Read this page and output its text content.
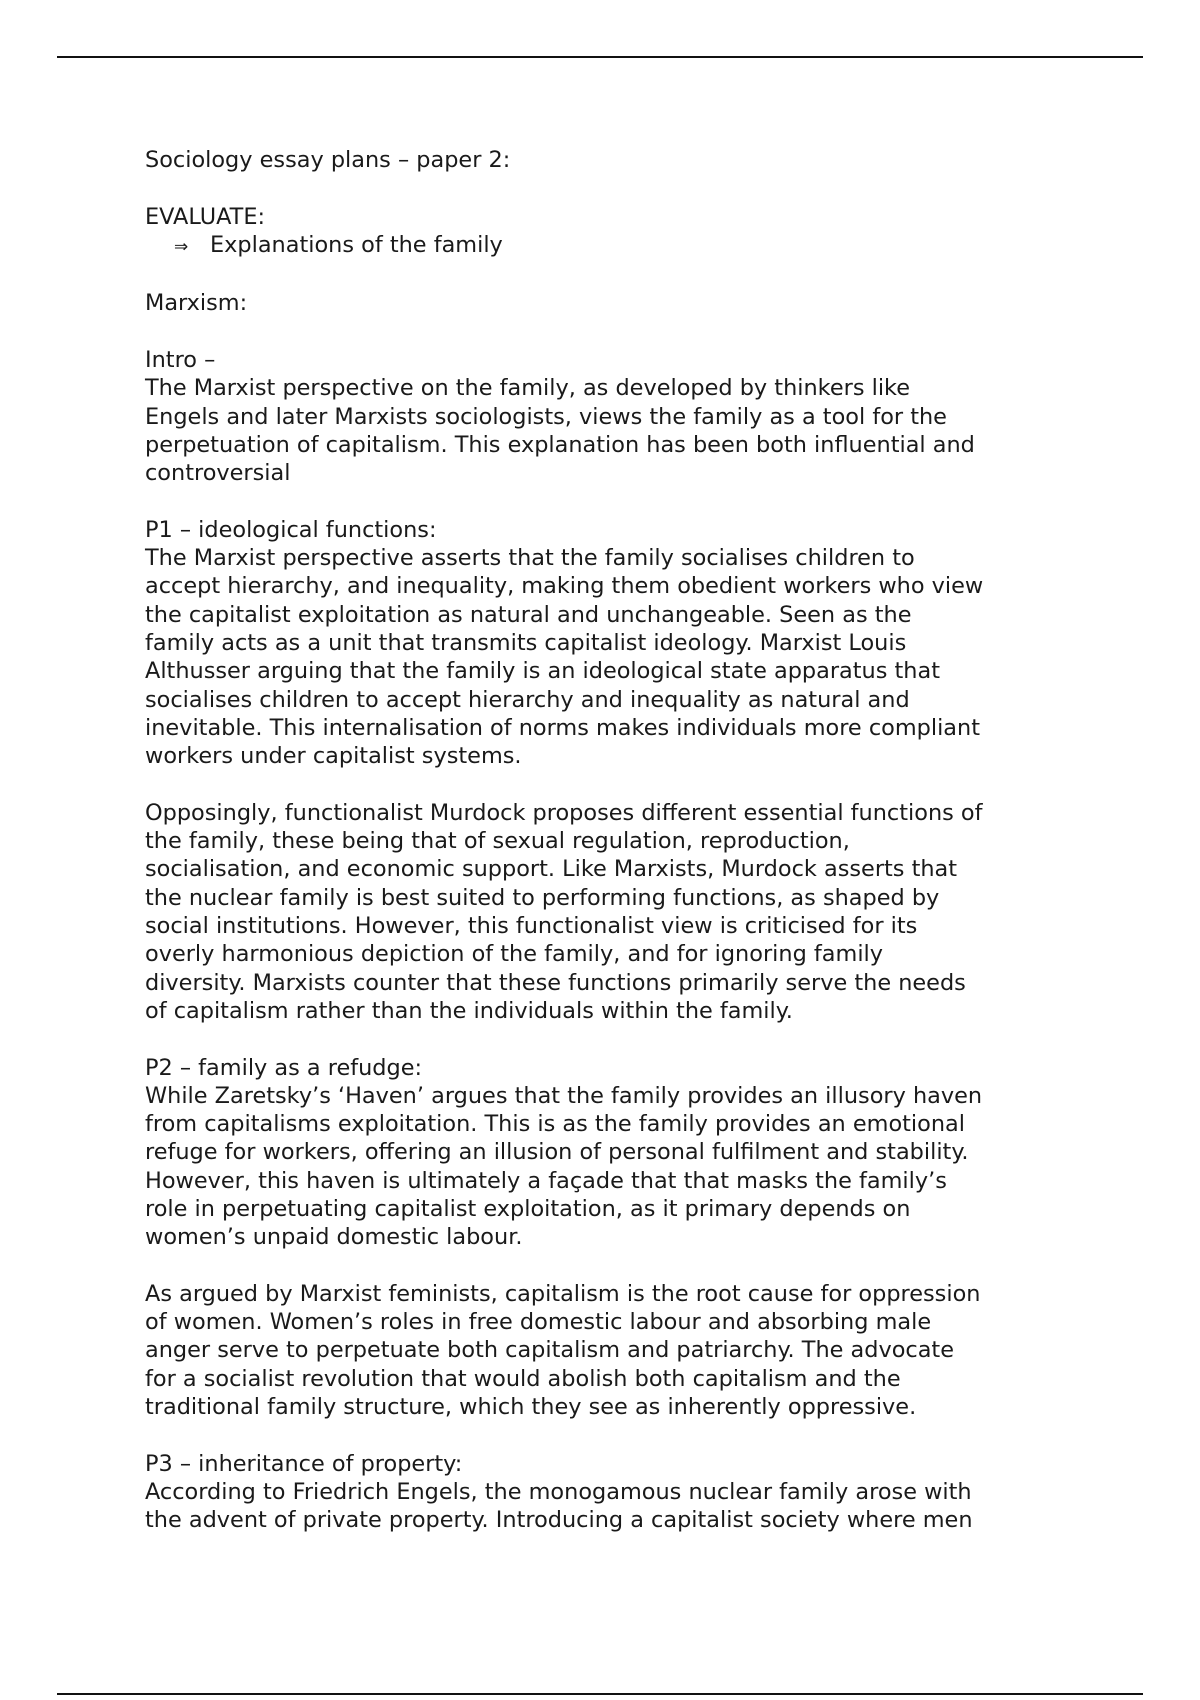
Sociology essay plans – paper 2:

EVALUATE:

⇒ Explanations of the family

Marxism:

Intro –

The Marxist perspective on the family, as developed by thinkers like

Engels and later Marxists sociologists, views the family as a tool for the

perpetuation of capitalism. This explanation has been both influential and

controversial

P1 – ideological functions:

The Marxist perspective asserts that the family socialises children to

accept hierarchy, and inequality, making them obedient workers who view

the capitalist exploitation as natural and unchangeable. Seen as the

family acts as a unit that transmits capitalist ideology. Marxist Louis

Althusser arguing that the family is an ideological state apparatus that

socialises children to accept hierarchy and inequality as natural and

inevitable. This internalisation of norms makes individuals more compliant

workers under capitalist systems.

Opposingly, functionalist Murdock proposes different essential functions of

the family, these being that of sexual regulation, reproduction,

socialisation, and economic support. Like Marxists, Murdock asserts that

the nuclear family is best suited to performing functions, as shaped by

social institutions. However, this functionalist view is criticised for its

overly harmonious depiction of the family, and for ignoring family

diversity. Marxists counter that these functions primarily serve the needs

of capitalism rather than the individuals within the family.

P2 – family as a refudge:

While Zaretsky’s ‘Haven’ argues that the family provides an illusory haven

from capitalisms exploitation. This is as the family provides an emotional

refuge for workers, offering an illusion of personal fulfilment and stability.

However, this haven is ultimately a façade that that masks the family’s

role in perpetuating capitalist exploitation, as it primary depends on

women’s unpaid domestic labour.

As argued by Marxist feminists, capitalism is the root cause for oppression

of women. Women’s roles in free domestic labour and absorbing male

anger serve to perpetuate both capitalism and patriarchy. The advocate

for a socialist revolution that would abolish both capitalism and the

traditional family structure, which they see as inherently oppressive.

P3 – inheritance of property:

According to Friedrich Engels, the monogamous nuclear family arose with

the advent of private property. Introducing a capitalist society where men
